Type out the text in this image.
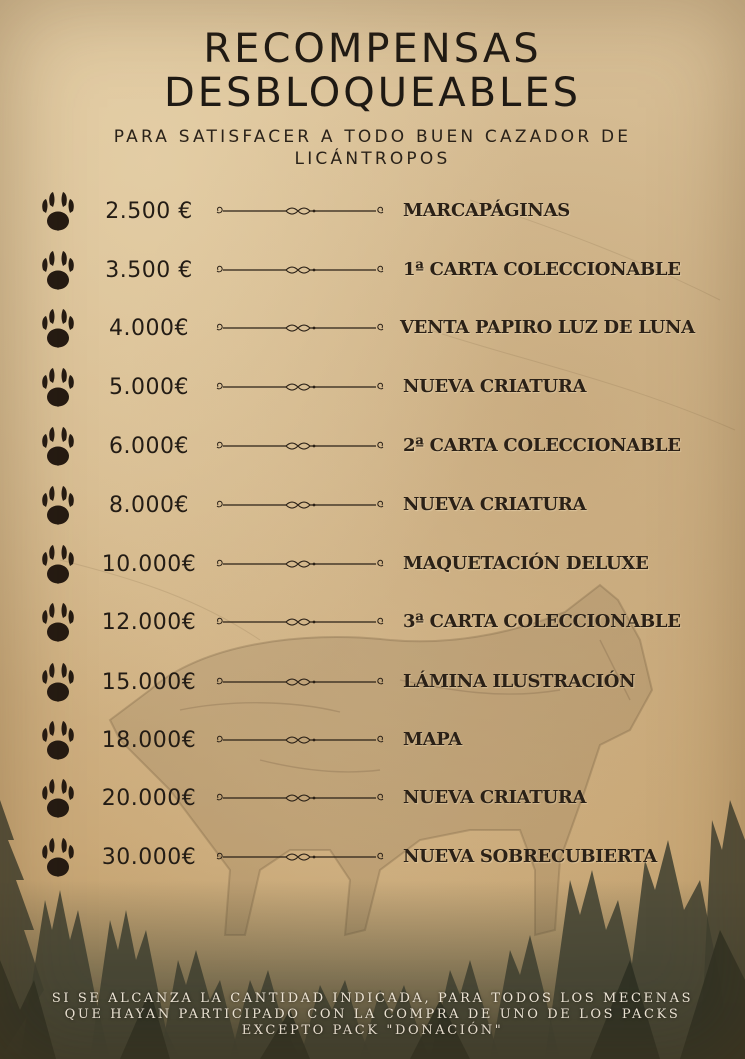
RECOMPENSAS
DESBLOQUEABLES
PARA SATISFACER A TODO BUEN CAZADOR DE LICÁNTROPOS
2.500 €	MARCAPÁGINAS
3.500 €	1ª CARTA COLECCIONABLE
4.000€	VENTA PAPIRO LUZ DE LUNA
5.000€	NUEVA CRIATURA
6.000€	2ª CARTA COLECCIONABLE
8.000€	NUEVA CRIATURA
10.000€	MAQUETACIÓN DELUXE
12.000€	3ª CARTA COLECCIONABLE
15.000€	LÁMINA ILUSTRACIÓN
18.000€	MAPA
20.000€	NUEVA CRIATURA
30.000€	NUEVA SOBRECUBIERTA
SI SE ALCANZA LA CANTIDAD INDICADA, PARA TODOS LOS MECENAS QUE HAYAN PARTICIPADO CON LA COMPRA DE UNO DE LOS PACKS EXCEPTO PACK "DONACIÓN"
